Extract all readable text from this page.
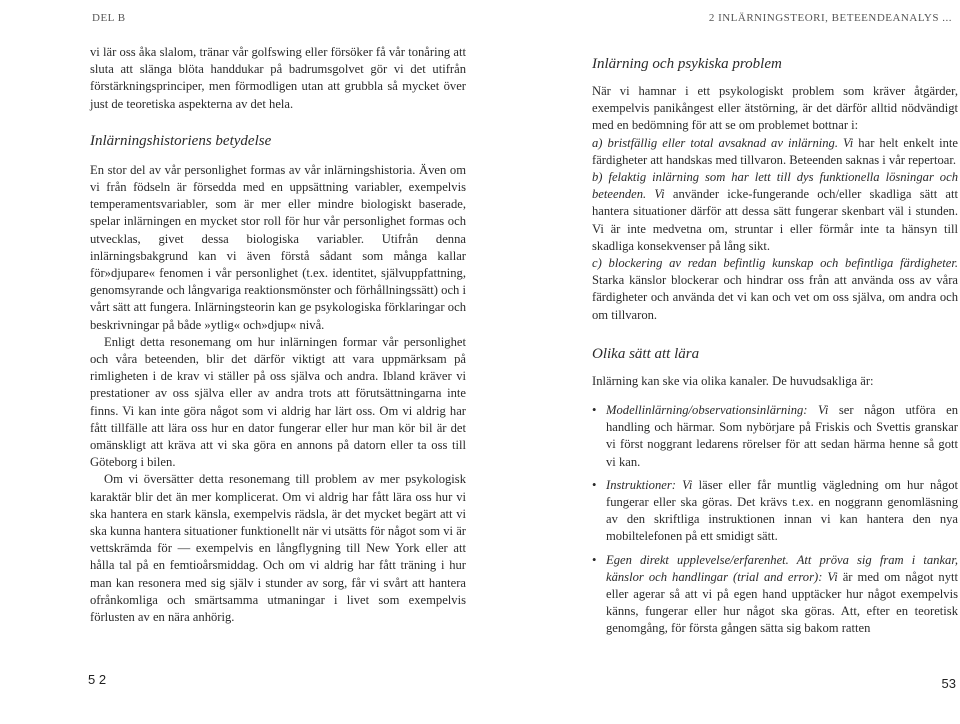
DEL B	2 INLÄRNINGSTEORI, BETEENDEANALYS ...

vi lär oss åka slalom, tränar vår golfswing eller försöker få vår tonåring att sluta att slänga blöta handdukar på badrumsgolvet gör vi det utifrån förstärkningsprinciper, men förmodligen utan att grubbla så mycket över just de teoretiska aspekterna av det hela.

Inlärningshistoriens betydelse

En stor del av vår personlighet formas av vår inlärningshistoria. Även om vi från födseln är försedda med en uppsättning variabler, exempelvis temperamentsvariabler, som är mer eller mindre biologiskt baserade, spelar inlärningen en mycket stor roll för hur vår personlighet formas och utvecklas, givet dessa biologiska variabler. Utifrån denna inlärningsbakgrund kan vi även förstå sådant som många kallar för»djupare« fenomen i vår personlighet (t.ex. identitet, självuppfattning, genomsyrande och långvariga reaktionsmönster och förhållningssätt) och i vårt sätt att fungera. Inlärningsteorin kan ge psykologiska förklaringar och beskrivningar på både »ytlig« och»djup« nivå.

Enligt detta resonemang om hur inlärningen formar vår personlighet och våra beteenden, blir det därför viktigt att vara uppmärksam på rimligheten i de krav vi ställer på oss själva och andra. Ibland kräver vi prestationer av oss själva eller av andra trots att förutsättningarna inte finns. Vi kan inte göra något som vi aldrig har lärt oss. Om vi aldrig har fått tillfälle att lära oss hur en dator fungerar eller hur man kör bil är det omänskligt att kräva att vi ska göra en annons på datorn eller ta oss till Göteborg i bilen.

Om vi översätter detta resonemang till problem av mer psykologisk karaktär blir det än mer komplicerat. Om vi aldrig har fått lära oss hur vi ska hantera en stark känsla, exempelvis rädsla, är det mycket begärt att vi ska kunna hantera situationer funktionellt när vi utsätts för något som vi är vettskrämda för — exempelvis en långflygning till New York eller att hålla tal på en femtioårsmiddag. Och om vi aldrig har fått träning i hur man kan resonera med sig själv i stunder av sorg, får vi svårt att hantera ofrånkomliga och smärtsamma utmaningar i livet som exempelvis förlusten av en nära anhörig.

Inlärning och psykiska problem

När vi hamnar i ett psykologiskt problem som kräver åtgärder, exempelvis panikångest eller ätstörning, är det därför alltid nödvändigt med en bedömning för att se om problemet bottnar i:

a) bristfällig eller total avsaknad av inlärning. Vi har helt enkelt inte färdigheter att handskas med tillvaron. Beteenden saknas i vår repertoar.

b) felaktig inlärning som har lett till dys funktionella lösningar och beteenden. Vi använder icke-fungerande och/eller skadliga sätt att hantera situationer därför att dessa sätt fungerar skenbart väl i stunden. Vi är inte medvetna om, struntar i eller förmår inte ta hänsyn till skadliga konsekvenser på lång sikt.

c) blockering av redan befintlig kunskap och befintliga färdigheter. Starka känslor blockerar och hindrar oss från att använda oss av våra färdigheter och använda det vi kan och vet om oss själva, om andra och om tillvaron.

Olika sätt att lära

Inlärning kan ske via olika kanaler. De huvudsakliga är:

• Modellinlärning/observationsinlärning: Vi ser någon utföra en handling och härmar. Som nybörjare på Friskis och Svettis granskar vi först noggrant ledarens rörelser för att sedan härma henne så gott vi kan.
• Instruktioner: Vi läser eller får muntlig vägledning om hur något fungerar eller ska göras. Det krävs t.ex. en noggrann genomläsning av den skriftliga instruktionen innan vi kan hantera den nya mobiltelefonen på ett smidigt sätt.
• Egen direkt upplevelse/erfarenhet. Att pröva sig fram i tankar, känslor och handlingar (trial and error): Vi är med om något nytt eller agerar så att vi på egen hand upptäcker hur något exempelvis känns, fungerar eller hur något ska göras. Att, efter en teoretisk genomgång, för första gången sätta sig bakom ratten
5 2	53
